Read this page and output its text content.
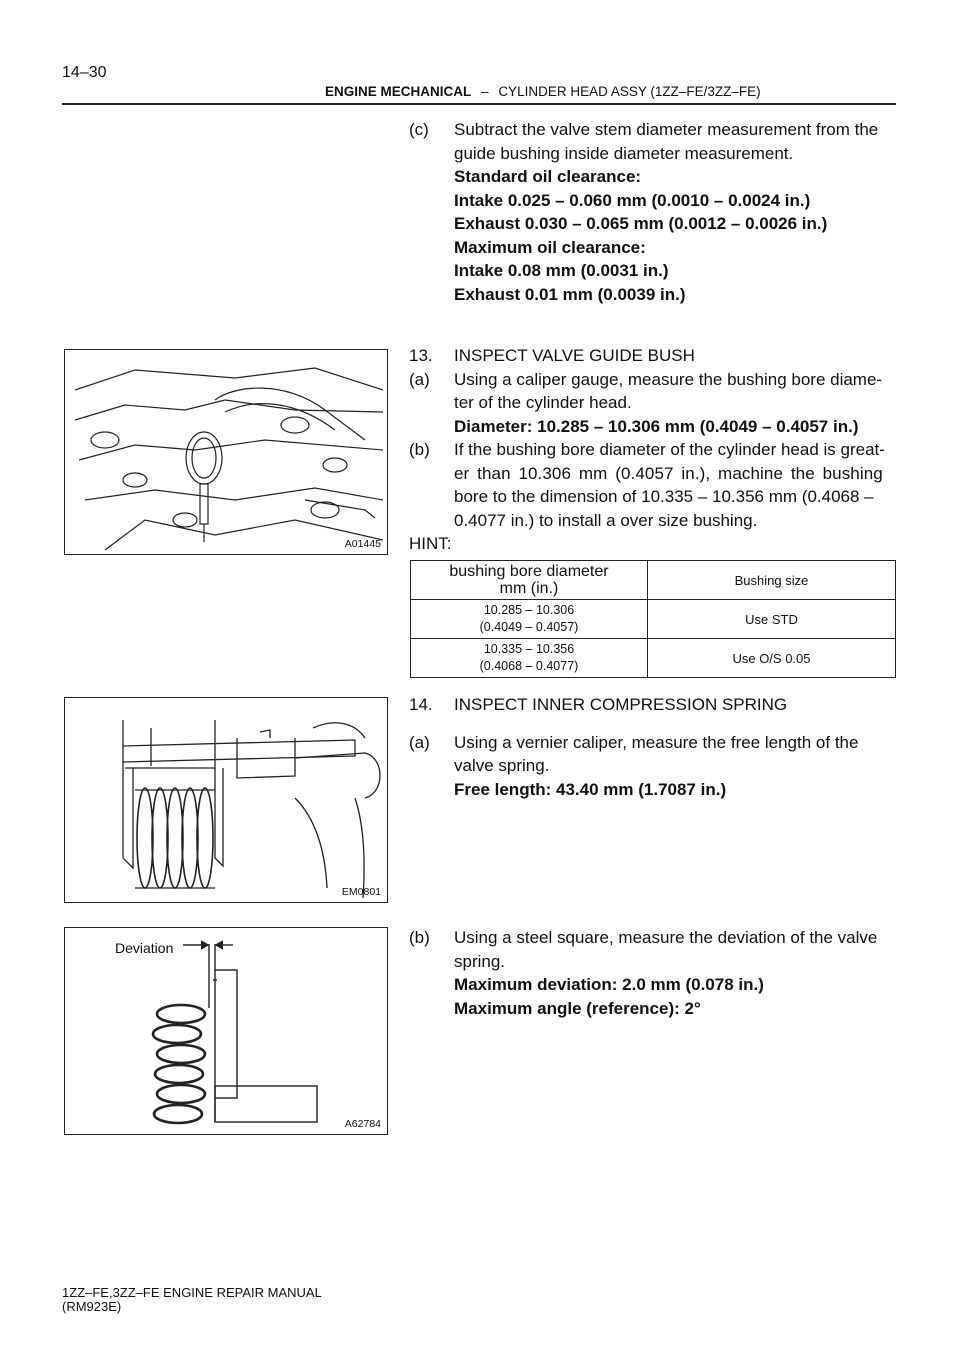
14–30
ENGINE MECHANICAL – CYLINDER HEAD ASSY (1ZZ–FE/3ZZ–FE)
(c) Subtract the valve stem diameter measurement from the
guide bushing inside diameter measurement.
Standard oil clearance:
Intake 0.025 – 0.060 mm (0.0010 – 0.0024 in.)
Exhaust 0.030 – 0.065 mm (0.0012 – 0.0026 in.)
Maximum oil clearance:
Intake 0.08 mm (0.0031 in.)
Exhaust 0.01 mm (0.0039 in.)
13. INSPECT VALVE GUIDE BUSH
(a) Using a caliper gauge, measure the bushing bore diame-
ter of the cylinder head.
Diameter: 10.285 – 10.306 mm (0.4049 – 0.4057 in.)
(b) If the bushing bore diameter of the cylinder head is great-
er than 10.306 mm (0.4057 in.), machine the bushing
bore to the dimension of 10.335 – 10.356 mm (0.4068 –
0.4077 in.) to install a over size bushing.
HINT:
bushing bore diameter
mm (in.)	Bushing size

10.285 – 10.306
(0.4049 – 0.4057)	Use STD

10.335 – 10.356
(0.4068 – 0.4077)	Use O/S 0.05
14. INSPECT INNER COMPRESSION SPRING
(a) Using a vernier caliper, measure the free length of the
valve spring.
Free length: 43.40 mm (1.7087 in.)
(b) Using a steel square, measure the deviation of the valve
spring.
Maximum deviation: 2.0 mm (0.078 in.)
Maximum angle (reference): 2°
A01445
EM0801
Deviation
A62784
1ZZ–FE,3ZZ–FE ENGINE REPAIR MANUAL
(RM923E)
